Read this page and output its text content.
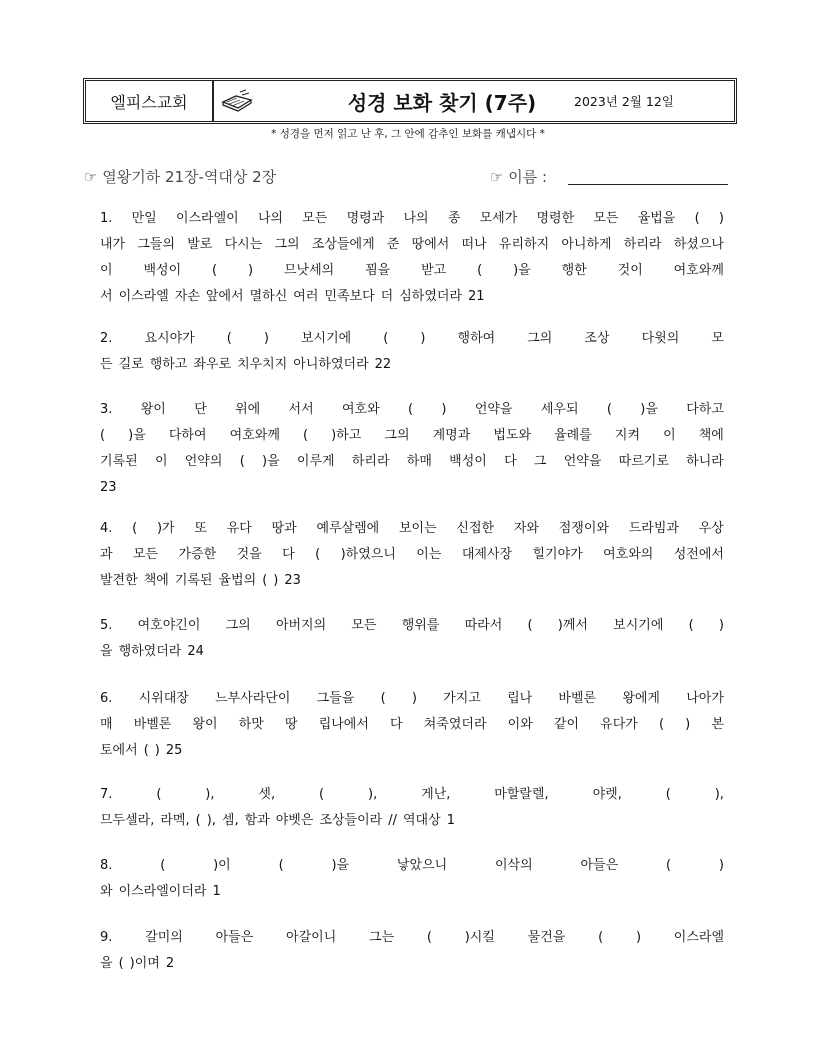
엘피스교회	성경 보화 찾기 (7주)	2023년 2월 12일
* 성경을 먼저 읽고 난 후, 그 안에 감추인 보화를 캐냅시다 *
☞ 열왕기하 21장-역대상 2장	☞ 이름 :
1. 만일 이스라엘이 나의 모든 명령과 나의 종 모세가 명령한 모든 율법을 ( )
내가 그들의 발로 다시는 그의 조상들에게 준 땅에서 떠나 유리하지 아니하게 하리라 하셨으나
이 백성이 ( ) 므낫세의 꾐을 받고 ( )을 행한 것이 여호와께
서 이스라엘 자손 앞에서 멸하신 여러 민족보다 더 심하였더라 21
2. 요시야가 ( ) 보시기에 ( ) 행하여 그의 조상 다윗의 모
든 길로 행하고 좌우로 치우치지 아니하였더라 22
3. 왕이 단 위에 서서 여호와 ( ) 언약을 세우되 ( )을 다하고
( )을 다하여 여호와께 ( )하고 그의 계명과 법도와 율례를 지켜 이 책에
기록된 이 언약의 ( )을 이루게 하리라 하매 백성이 다 그 언약을 따르기로 하니라
23
4. ( )가 또 유다 땅과 예루살렘에 보이는 신접한 자와 점쟁이와 드라빔과 우상
과 모든 가증한 것을 다 ( )하였으니 이는 대제사장 힐기야가 여호와의 성전에서
발견한 책에 기록된 율법의 ( ) 23
5. 여호야긴이 그의 아버지의 모든 행위를 따라서 ( )께서 보시기에 ( )
을 행하였더라 24
6. 시위대장 느부사라단이 그들을 ( ) 가지고 립나 바벨론 왕에게 나아가
매 바벨론 왕이 하맛 땅 립나에서 다 쳐죽였더라 이와 같이 유다가 ( ) 본
토에서 ( ) 25
7.	(	),	셋,	(	),	게난,	마할랄렐,	야렛,	(	),
므두셀라, 라멕, ( ), 셈, 함과 야벳은 조상들이라 // 역대상 1
8.	(	)이	(	)을	낳았으니	이삭의	아들은	(	)
와 이스라엘이더라 1
9.	갈미의	아들은	아갈이니	그는	(	)시킬	물건을	(	)	이스라엘
을 ( )이며 2
